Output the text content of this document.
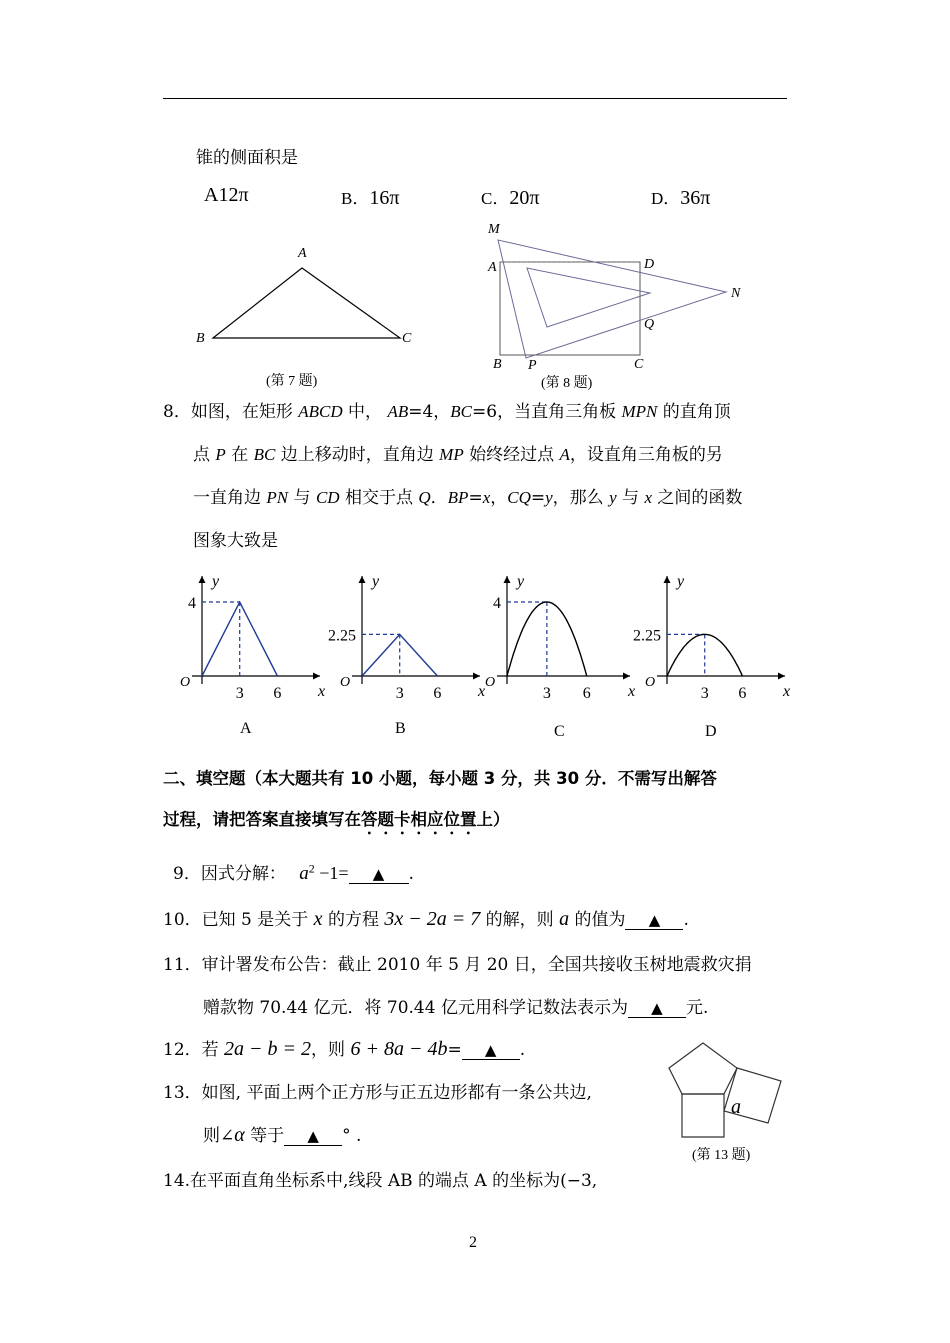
锥的侧面积是
A12π	B．16π	C．20π	D．36π
A
B	C
(第 7 题)
M
A	D
N
Q
B P	C
(第 8 题)
8．如图，在矩形 ABCD 中， AB=4，BC=6，当直角三角板 MPN 的直角顶
点 P 在 BC 边上移动时，直角边 MP 始终经过点 A，设直角三角板的另
一直角边 PN 与 CD 相交于点 Q．BP=x，CQ=y，那么 y 与 x 之间的函数
图象大致是
y
x
O
4
3 6
A
y
x
O
2.25
3 6
B
y
x
O
4
3 6
C
y
x
O
2.25
3 6
D
二、填空题（本大题共有 10 小题，每小题 3 分，共 30 分．不需写出解答
过程，请把答案直接填写在答题卡相应位置上）
9．因式分解： $a^2 -1=$ ▲ .
10．已知 5 是关于 x 的方程 3x − 2a = 7 的解，则 a 的值为 ▲ .
11．审计署发布公告：截止 2010 年 5 月 20 日，全国共接收玉树地震救灾捐
赠款物 70.44 亿元．将 70.44 亿元用科学记数法表示为 ▲ 元.
12．若 2a − b = 2，则 6 + 8a − 4b= ▲ .
13．如图, 平面上两个正方形与正五边形都有一条公共边,
则∠α 等于 ▲ ° .
a
(第 13 题)
14.在平面直角坐标系中,线段 AB 的端点 A 的坐标为(−3,
2
